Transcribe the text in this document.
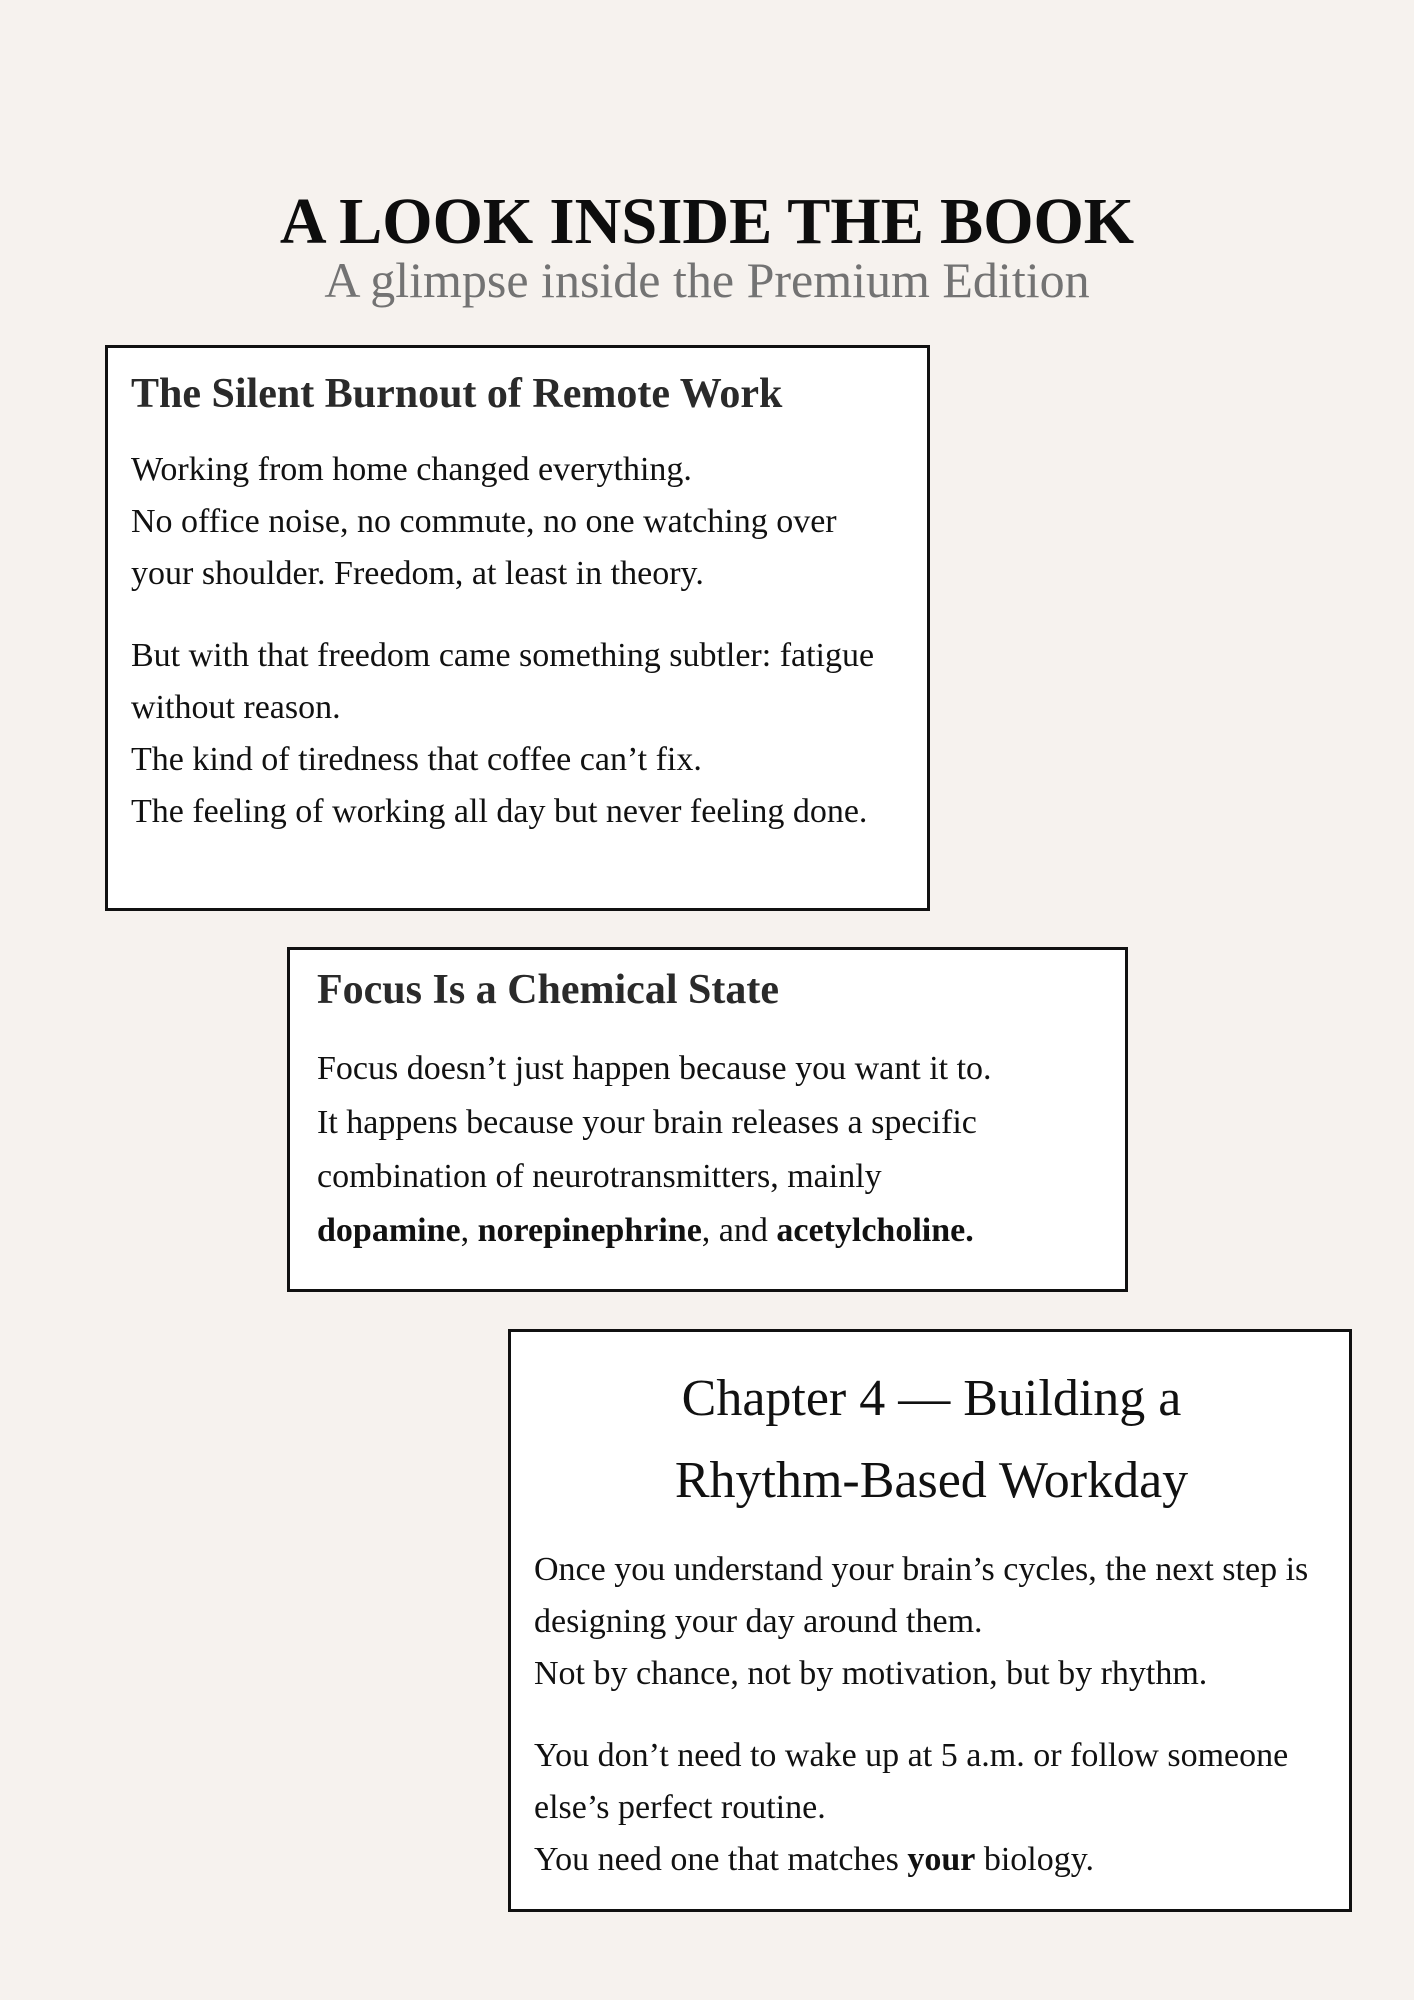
A LOOK INSIDE THE BOOK
A glimpse inside the Premium Edition
The Silent Burnout of Remote Work

Working from home changed everything.
No office noise, no commute, no one watching over your shoulder. Freedom, at least in theory.

But with that freedom came something subtler: fatigue without reason.
The kind of tiredness that coffee can’t fix.
The feeling of working all day but never feeling done.

Focus Is a Chemical State

Focus doesn’t just happen because you want it to.
It happens because your brain releases a specific combination of neurotransmitters, mainly
dopamine, norepinephrine, and acetylcholine.

Chapter 4 — Building a
Rhythm-Based Workday

Once you understand your brain’s cycles, the next step is designing your day around them.
Not by chance, not by motivation, but by rhythm.

You don’t need to wake up at 5 a.m. or follow someone else’s perfect routine.
You need one that matches your biology.
